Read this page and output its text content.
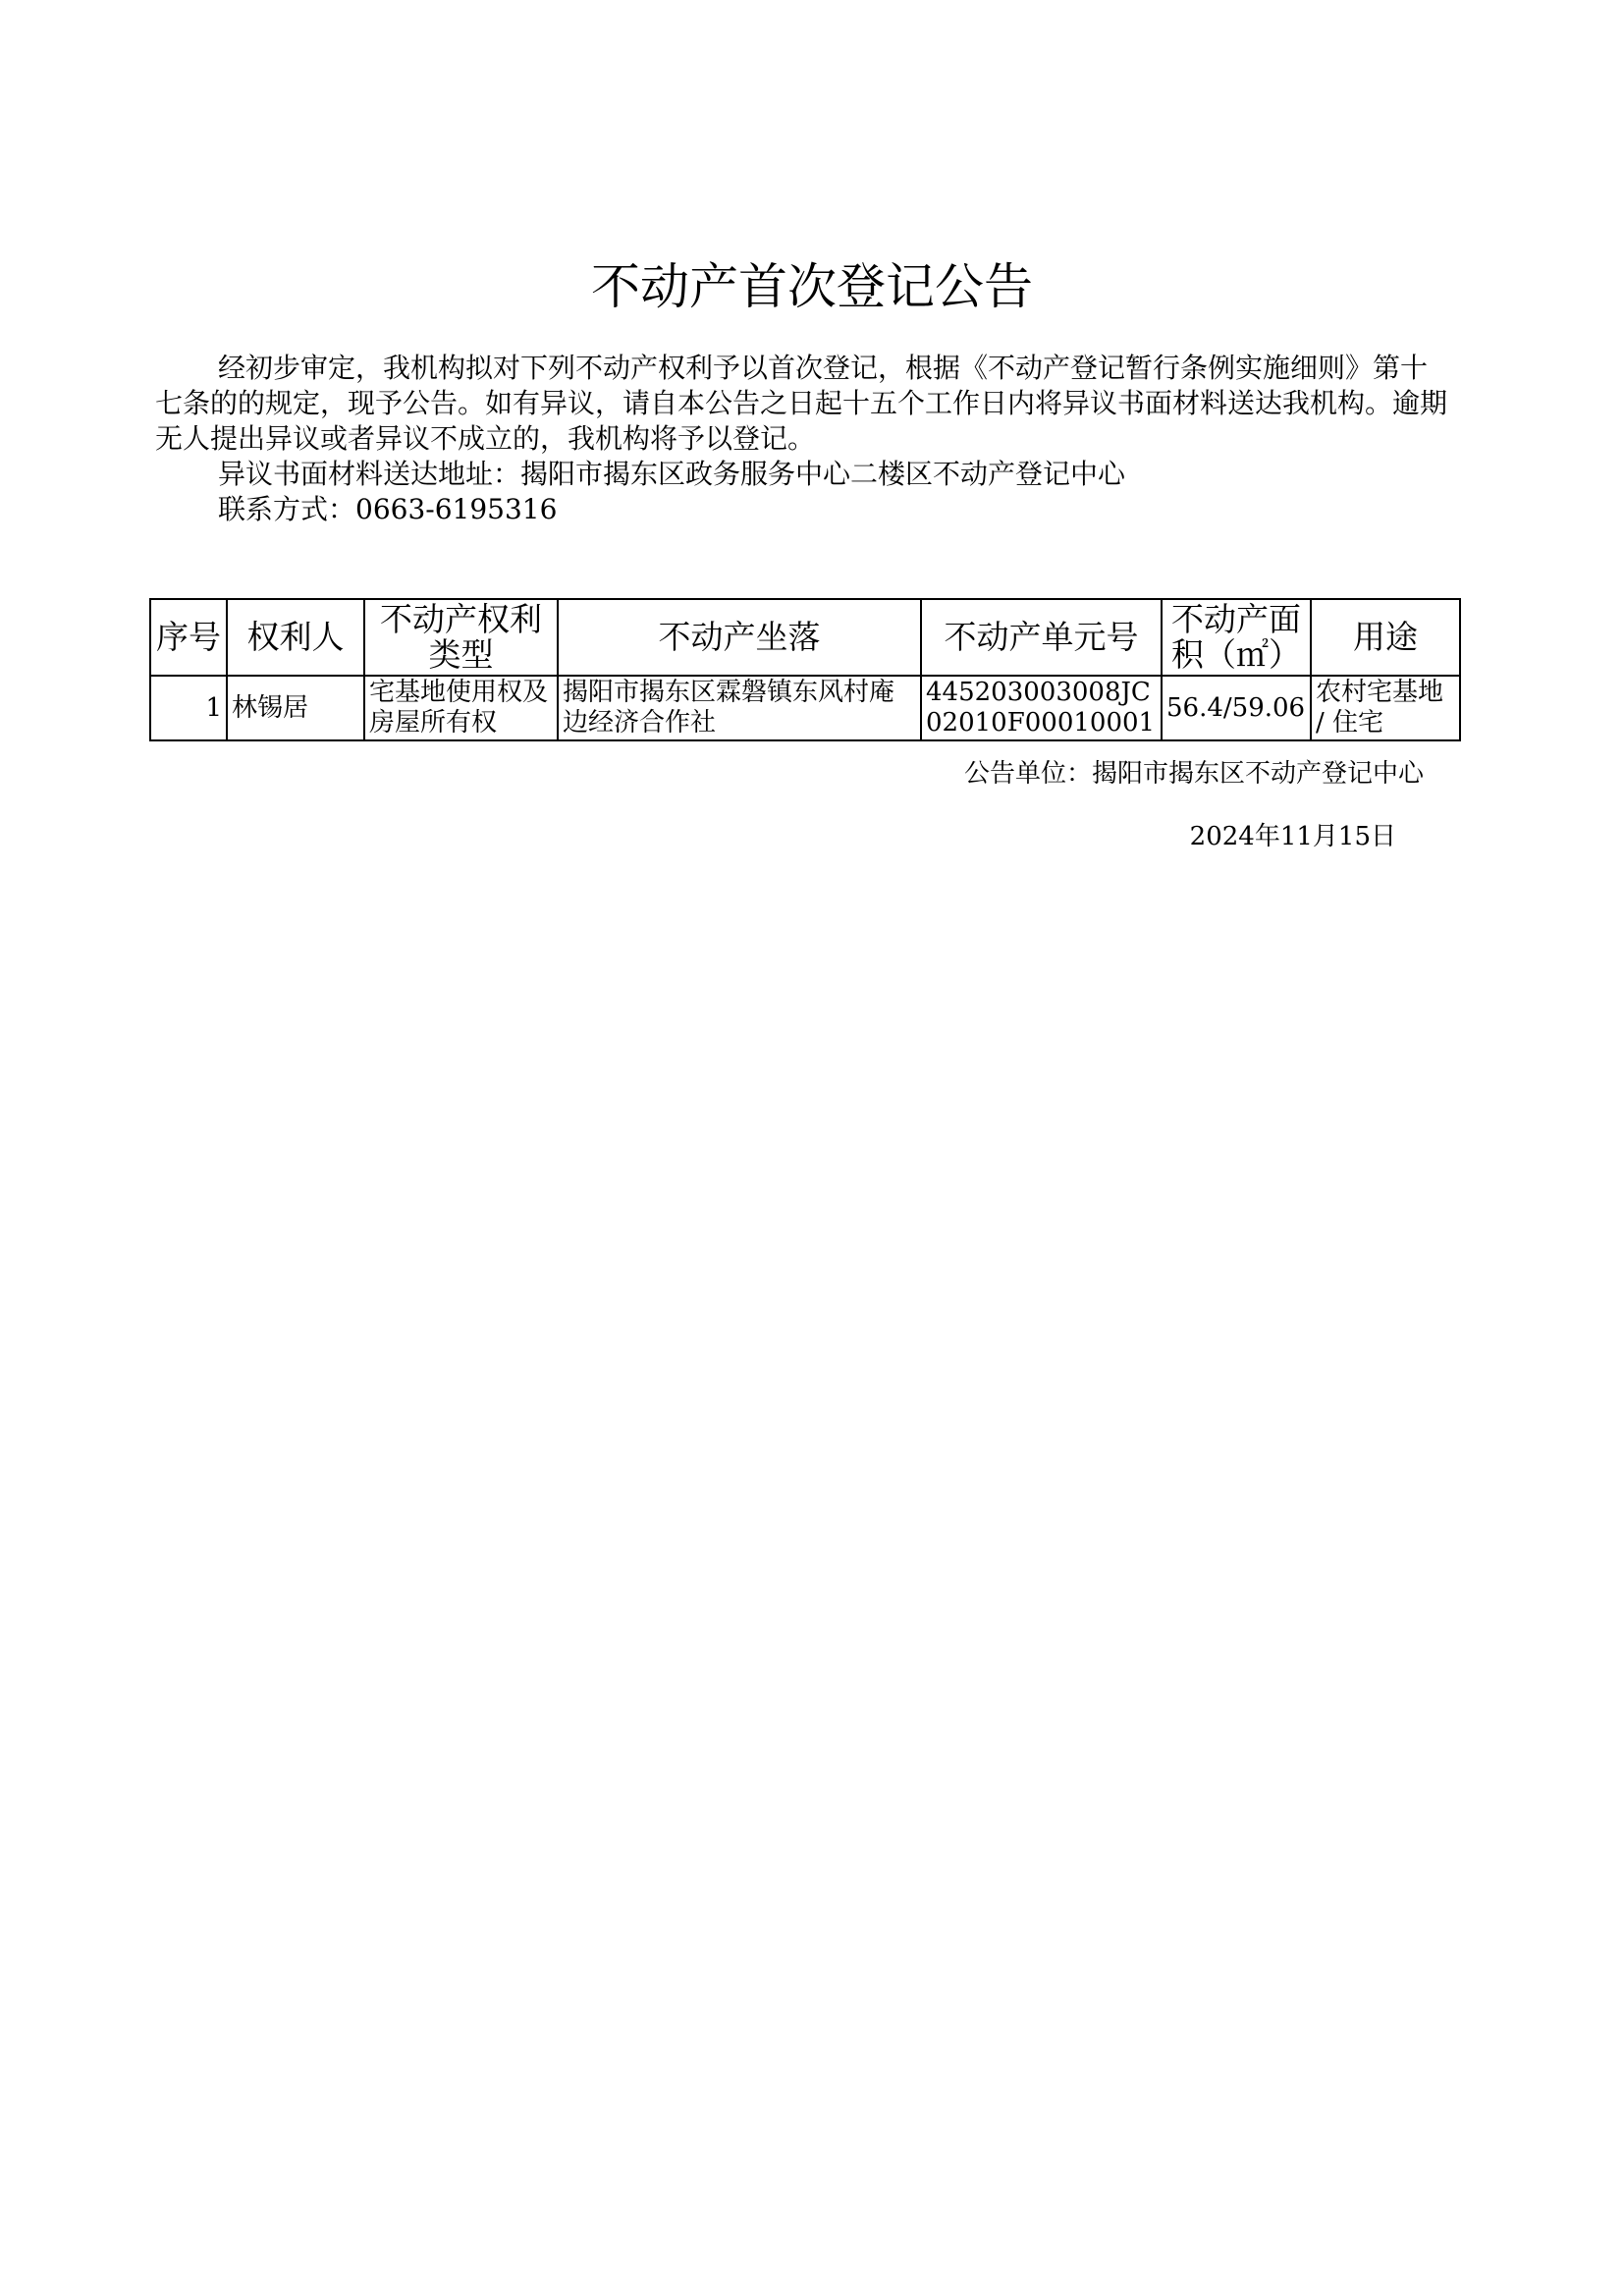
不动产首次登记公告

经初步审定，我机构拟对下列不动产权利予以首次登记，根据《不动产登记暂行条例实施细则》第十七条的的规定，现予公告。如有异议，请自本公告之日起十五个工作日内将异议书面材料送达我机构。逾期无人提出异议或者异议不成立的，我机构将予以登记。

异议书面材料送达地址：揭阳市揭东区政务服务中心二楼区不动产登记中心
联系方式：0663-6195316
序号	权利人	不动产权利类型	不动产坐落	不动产单元号	不动产面积（㎡）	用途
1	林锡居	宅基地使用权及房屋所有权	揭阳市揭东区霖磐镇东风村庵边经济合作社	445203003008JC02010F00010001	56.4/59.06	农村宅基地 / 住宅
公告单位：揭阳市揭东区不动产登记中心
2024年11月15日
